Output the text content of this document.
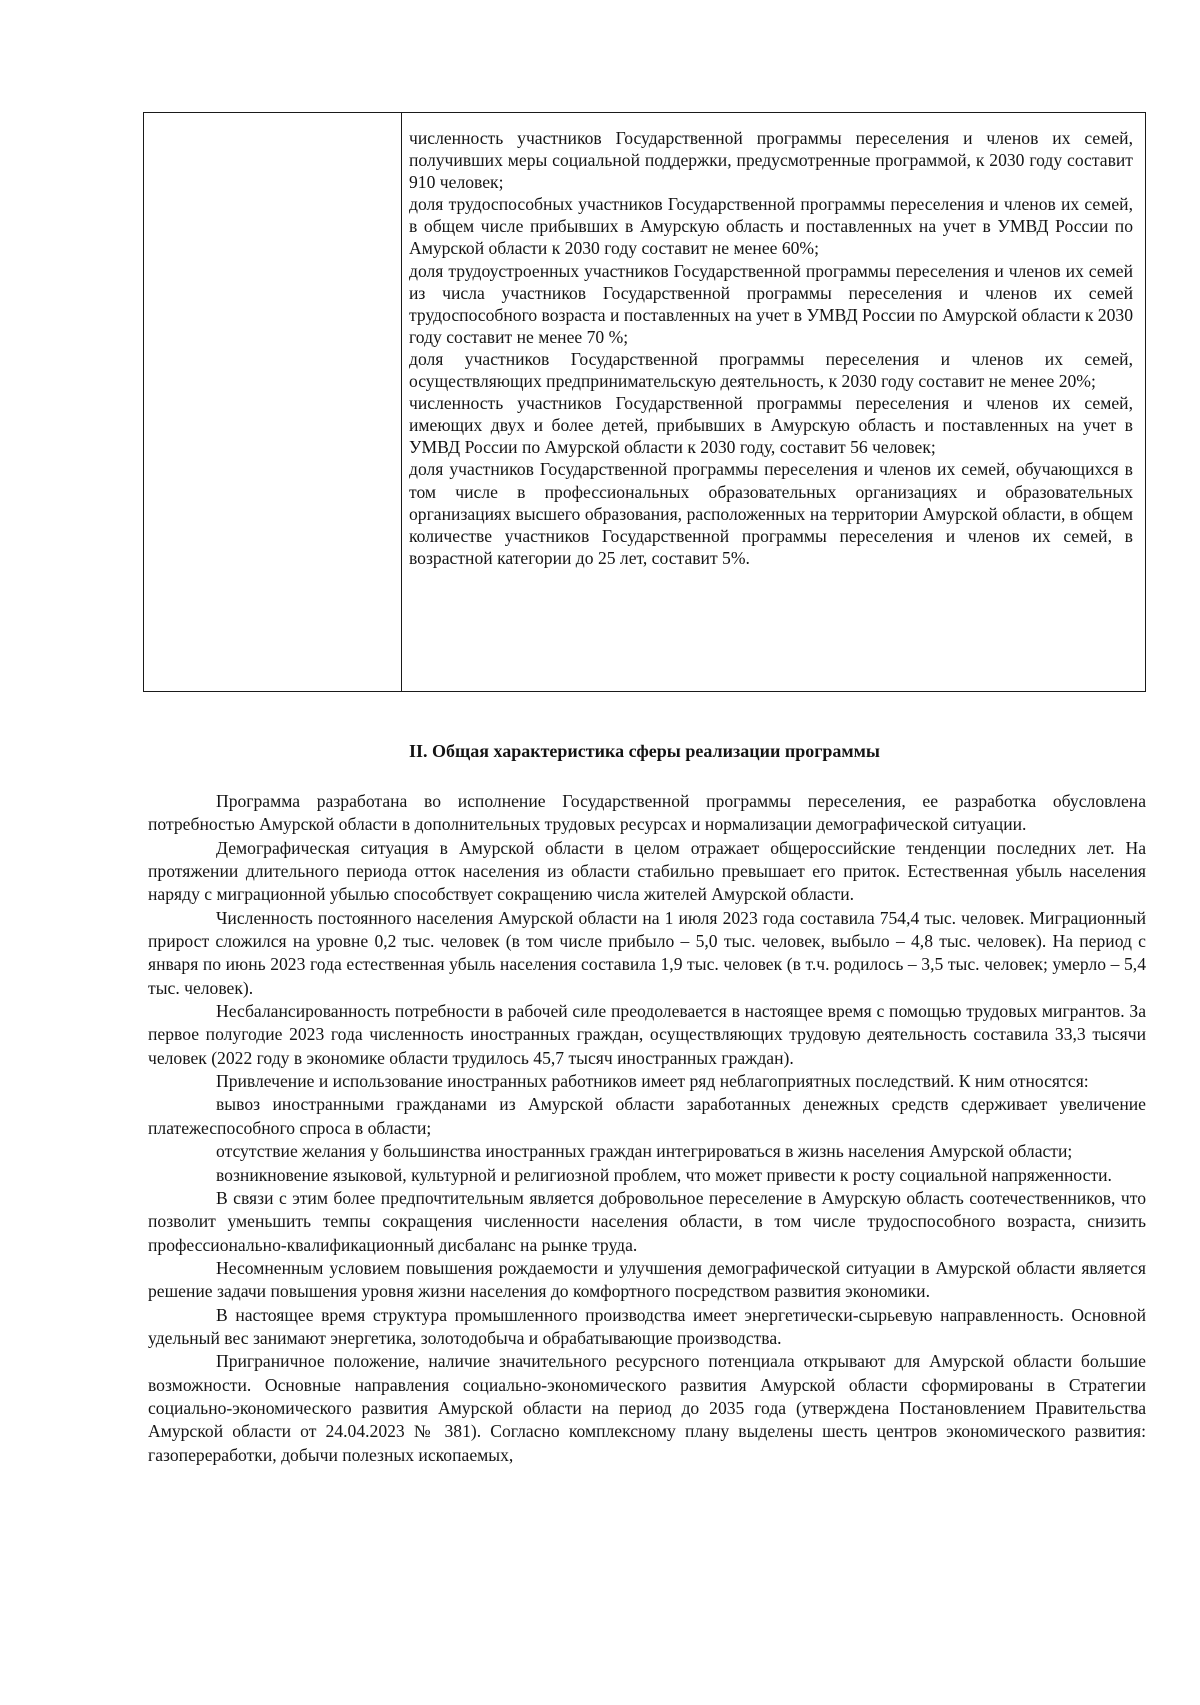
численность участников Государственной программы переселения и членов их семей, получивших меры социальной поддержки, предусмотренные программой, к 2030 году составит 910 человек;

доля трудоспособных участников Государственной программы переселения и членов их семей, в общем числе прибывших в Амурскую область и поставленных на учет в УМВД России по Амурской области к 2030 году составит не менее 60%;

доля трудоустроенных участников Государственной программы переселения и членов их семей из числа участников Государственной программы переселения и членов их семей трудоспособного возраста и поставленных на учет в УМВД России по Амурской области к 2030 году составит не менее 70 %;

доля участников Государственной программы переселения и членов их семей, осуществляющих предпринимательскую деятельность, к 2030 году составит не менее 20%;

численность участников Государственной программы переселения и членов их семей, имеющих двух и более детей, прибывших в Амурскую область и поставленных на учет в УМВД России по Амурской области к 2030 году, составит 56 человек;

доля участников Государственной программы переселения и членов их семей, обучающихся в том числе в профессиональных образовательных организациях и образовательных организациях высшего образования, расположенных на территории Амурской области, в общем количестве участников Государственной программы переселения и членов их семей, в возрастной категории до 25 лет, составит 5%.

II. Общая характеристика сферы реализации программы

Программа разработана во исполнение Государственной программы переселения, ее разработка обусловлена потребностью Амурской области в дополнительных трудовых ресурсах и нормализации демографической ситуации.

Демографическая ситуация в Амурской области в целом отражает общероссийские тенденции последних лет. На протяжении длительного периода отток населения из области стабильно превышает его приток. Естественная убыль населения наряду с миграционной убылью способствует сокращению числа жителей Амурской области.

Численность постоянного населения Амурской области на 1 июля 2023 года составила 754,4 тыс. человек. Миграционный прирост сложился на уровне 0,2 тыс. человек (в том числе прибыло – 5,0 тыс. человек, выбыло – 4,8 тыс. человек). На период с января по июнь 2023 года естественная убыль населения составила 1,9 тыс. человек (в т.ч. родилось – 3,5 тыс. человек; умерло – 5,4 тыс. человек).

Несбалансированность потребности в рабочей силе преодолевается в настоящее время с помощью трудовых мигрантов. За первое полугодие 2023 года численность иностранных граждан, осуществляющих трудовую деятельность составила 33,3 тысячи человек (2022 году в экономике области трудилось 45,7 тысяч иностранных граждан).

Привлечение и использование иностранных работников имеет ряд неблагоприятных последствий. К ним относятся:

вывоз иностранными гражданами из Амурской области заработанных денежных средств сдерживает увеличение платежеспособного спроса в области;

отсутствие желания у большинства иностранных граждан интегрироваться в жизнь населения Амурской области;

возникновение языковой, культурной и религиозной проблем, что может привести к росту социальной напряженности.

В связи с этим более предпочтительным является добровольное переселение в Амурскую область соотечественников, что позволит уменьшить темпы сокращения численности населения области, в том числе трудоспособного возраста, снизить профессионально-квалификационный дисбаланс на рынке труда.

Несомненным условием повышения рождаемости и улучшения демографической ситуации в Амурской области является решение задачи повышения уровня жизни населения до комфортного посредством развития экономики.

В настоящее время структура промышленного производства имеет энергетически-сырьевую направленность. Основной удельный вес занимают энергетика, золотодобыча и обрабатывающие производства.

Приграничное положение, наличие значительного ресурсного потенциала открывают для Амурской области большие возможности. Основные направления социально-экономического развития Амурской области сформированы в Стратегии социально-экономического развития Амурской области на период до 2035 года (утверждена Постановлением Правительства Амурской области от 24.04.2023 № 381). Согласно комплексному плану выделены шесть центров экономического развития: газопереработки, добычи полезных ископаемых,
